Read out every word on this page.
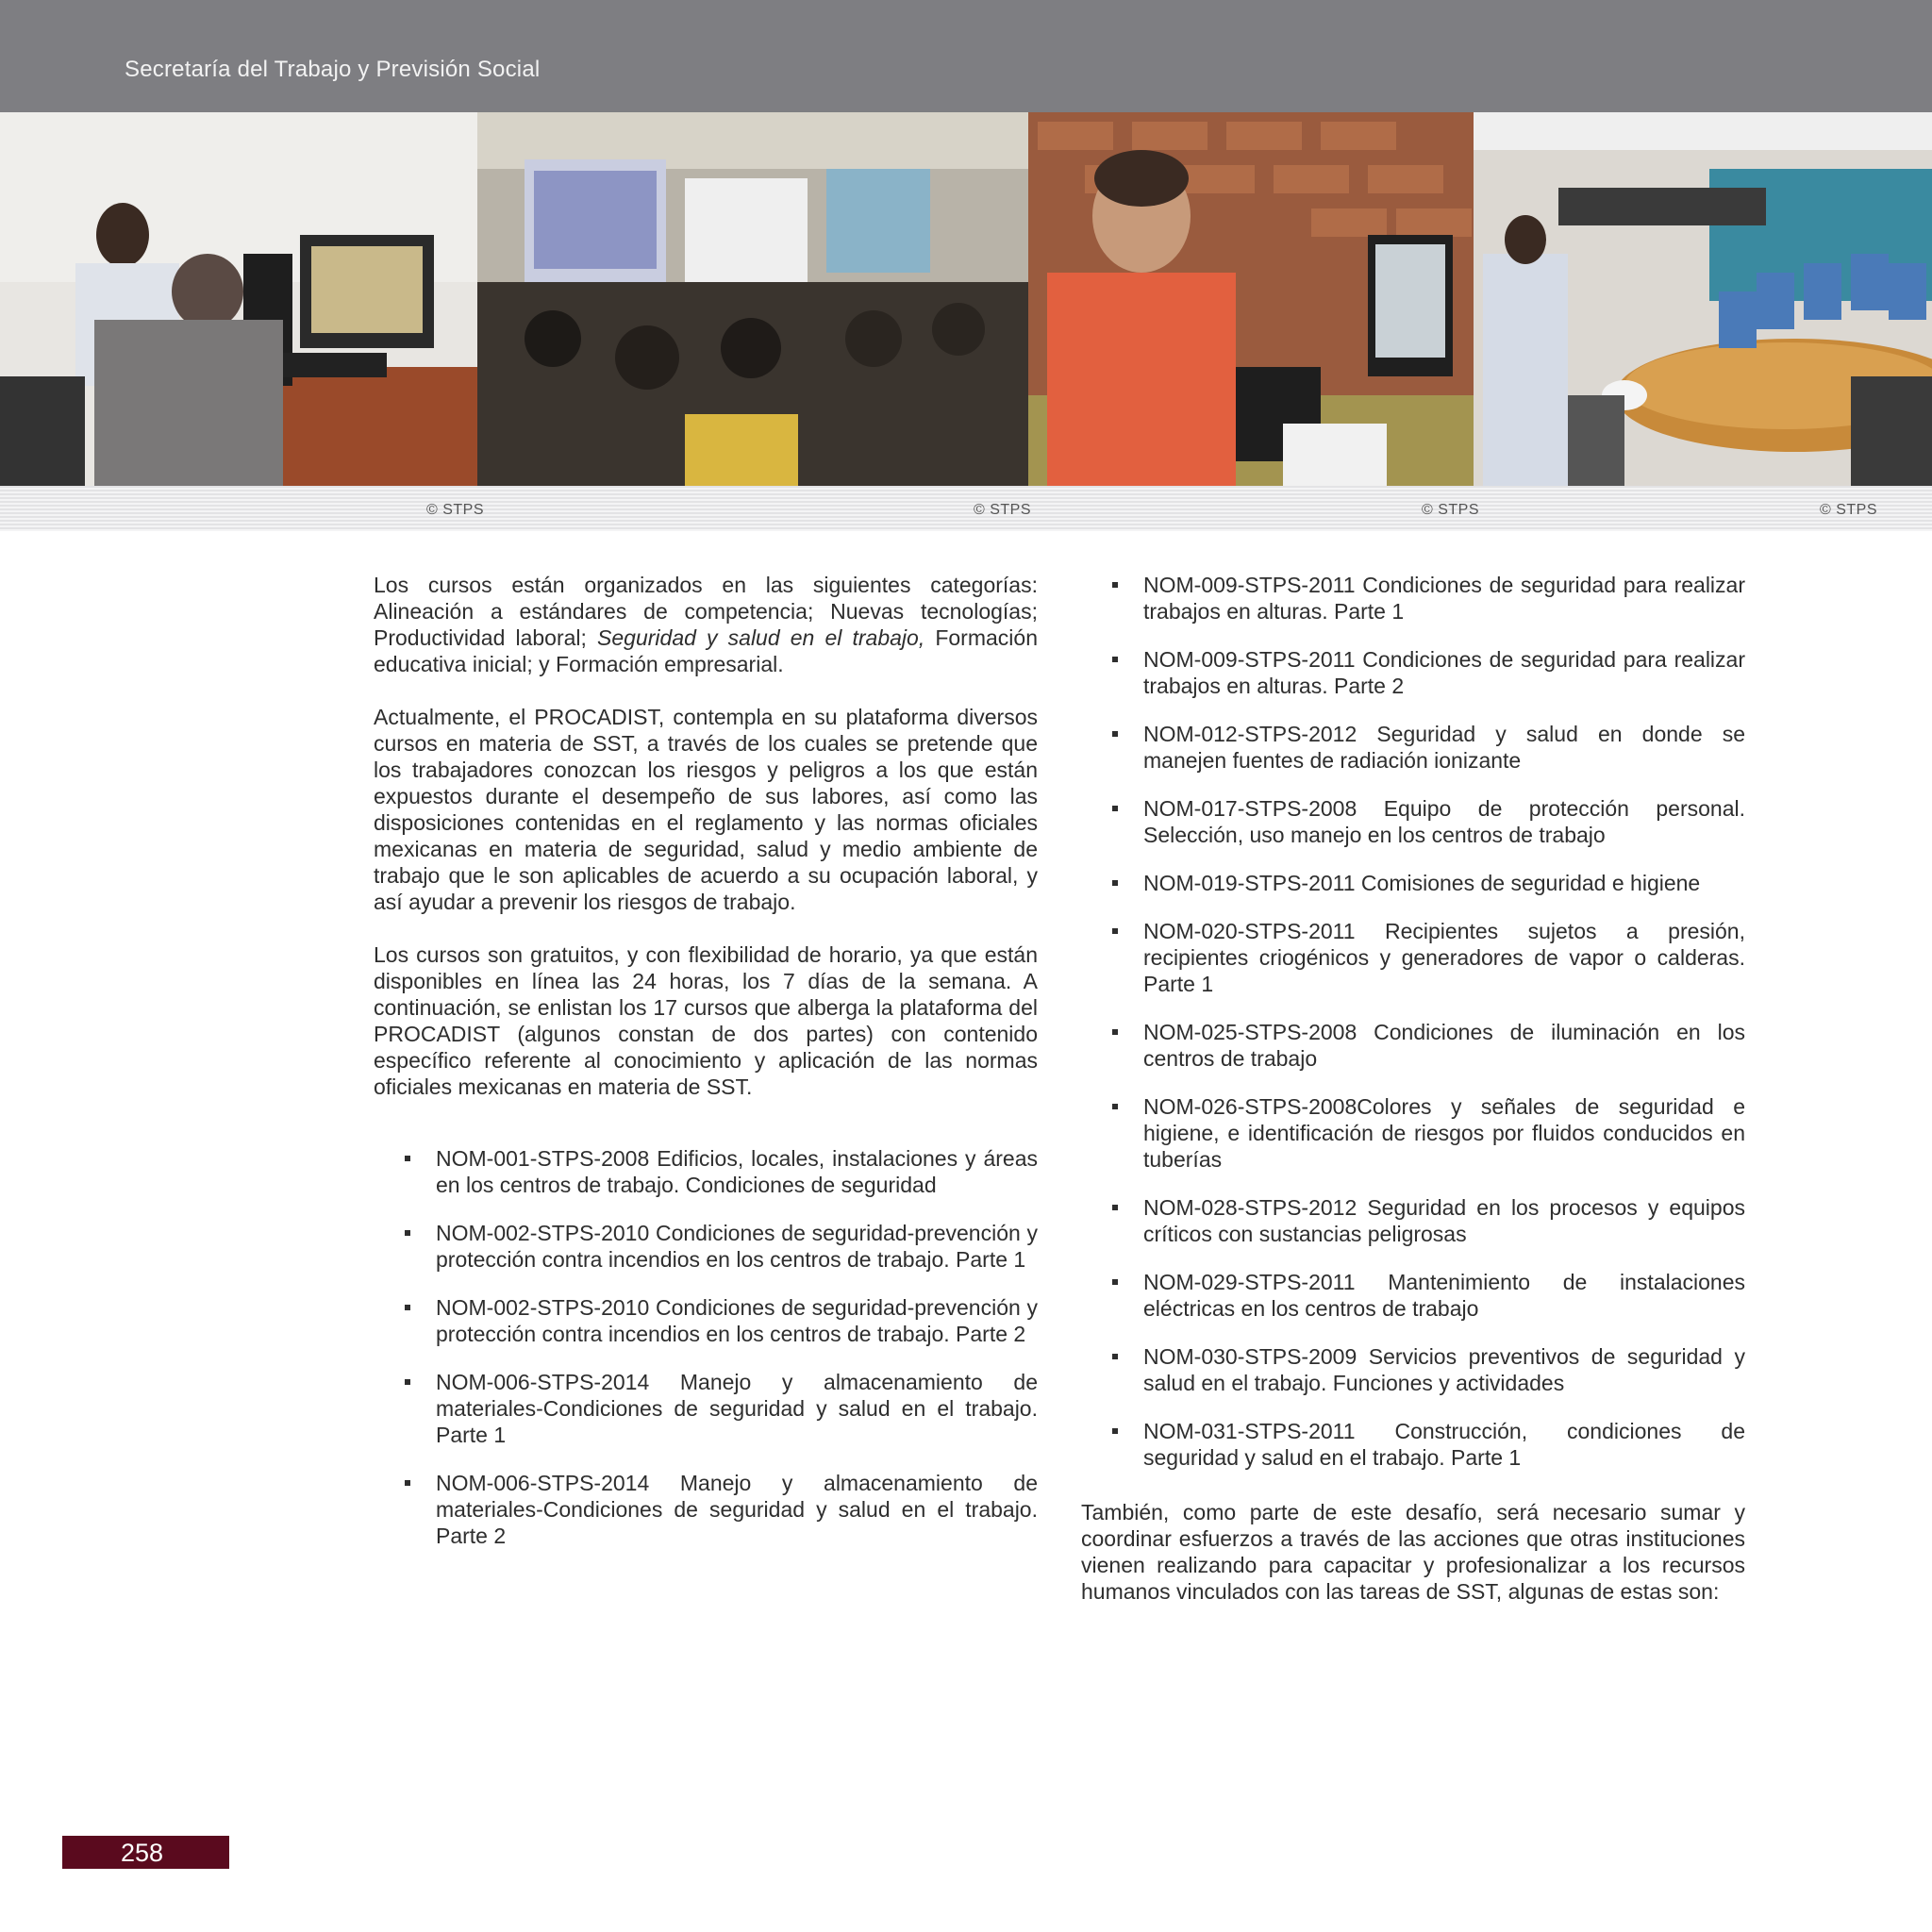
Secretaría del Trabajo y Previsión Social
© STPS	© STPS	© STPS	© STPS

Los cursos están organizados en las siguientes categorías: Alineación a estándares de competencia; Nuevas tecnologías; Productividad laboral; Seguridad y salud en el trabajo, Formación educativa inicial; y Formación empresarial.

Actualmente, el PROCADIST, contempla en su plataforma diversos cursos en materia de SST, a través de los cuales se pretende que los trabajadores conozcan los riesgos y peligros a los que están expuestos durante el desempeño de sus labores, así como las disposiciones contenidas en el reglamento y las normas oficiales mexicanas en materia de seguridad, salud y medio ambiente de trabajo que le son aplicables de acuerdo a su ocupación laboral, y así ayudar a prevenir los riesgos de trabajo.

Los cursos son gratuitos, y con flexibilidad de horario, ya que están disponibles en línea las 24 horas, los 7 días de la semana. A continuación, se enlistan los 17 cursos que alberga la plataforma del PROCADIST (algunos constan de dos partes) con contenido específico referente al conocimiento y aplicación de las normas oficiales mexicanas en materia de SST.

NOM-001-STPS-2008 Edificios, locales, instalaciones y áreas en los centros de trabajo. Condiciones de seguridad
NOM-002-STPS-2010 Condiciones de seguridad-prevención y protección contra incendios en los centros de trabajo. Parte 1
NOM-002-STPS-2010 Condiciones de seguridad-prevención y protección contra incendios en los centros de trabajo. Parte 2
NOM-006-STPS-2014 Manejo y almacenamiento de materiales-Condiciones de seguridad y salud en el trabajo. Parte 1
NOM-006-STPS-2014 Manejo y almacenamiento de materiales-Condiciones de seguridad y salud en el trabajo. Parte 2
NOM-009-STPS-2011 Condiciones de seguridad para realizar trabajos en alturas. Parte 1
NOM-009-STPS-2011 Condiciones de seguridad para realizar trabajos en alturas. Parte 2
NOM-012-STPS-2012 Seguridad y salud en donde se manejen fuentes de radiación ionizante
NOM-017-STPS-2008 Equipo de protección personal. Selección, uso manejo en los centros de trabajo
NOM-019-STPS-2011 Comisiones de seguridad e higiene
NOM-020-STPS-2011 Recipientes sujetos a presión, recipientes criogénicos y generadores de vapor o calderas. Parte 1
NOM-025-STPS-2008 Condiciones de iluminación en los centros de trabajo
NOM-026-STPS-2008Colores y señales de seguridad e higiene, e identificación de riesgos por fluidos conducidos en tuberías
NOM-028-STPS-2012 Seguridad en los procesos y equipos críticos con sustancias peligrosas
NOM-029-STPS-2011 Mantenimiento de instalaciones eléctricas en los centros de trabajo
NOM-030-STPS-2009 Servicios preventivos de seguridad y salud en el trabajo. Funciones y actividades
NOM-031-STPS-2011 Construcción, condiciones de seguridad y salud en el trabajo. Parte 1

También, como parte de este desafío, será necesario sumar y coordinar esfuerzos a través de las acciones que otras instituciones vienen realizando para capacitar y profesionalizar a los recursos humanos vinculados con las tareas de SST, algunas de estas son:

258
